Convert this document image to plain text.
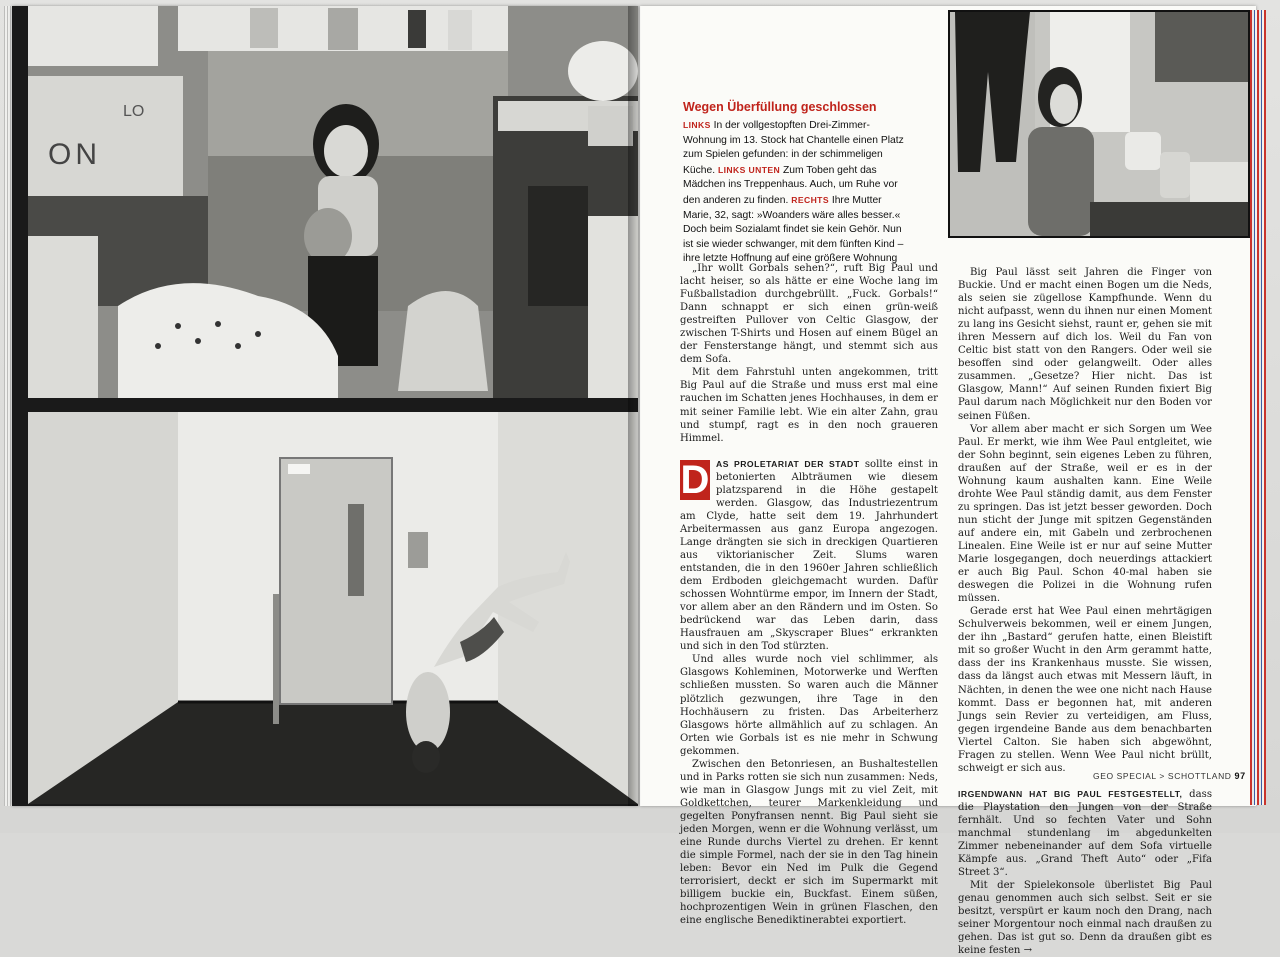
LO
ON
Wegen Überfüllung geschlossen
LINKS In der vollgestopften Drei-Zimmer-Wohnung im 13. Stock hat Chantelle einen Platz zum Spielen gefunden: in der schimmeligen Küche. LINKS UNTEN Zum Toben geht das Mädchen ins Treppenhaus. Auch, um Ruhe vor den anderen zu finden. RECHTS Ihre Mutter Marie, 32, sagt: »Woanders wäre alles besser.« Doch beim Sozialamt findet sie kein Gehör. Nun ist sie wieder schwanger, mit dem fünften Kind – ihre letzte Hoffnung auf eine größere Wohnung

„Ihr wollt Gorbals sehen?“, ruft Big Paul und lacht heiser, so als hätte er eine Woche lang im Fußballstadion durchgebrüllt. „Fuck. Gorbals!“ Dann schnappt er sich einen grün-weiß gestreiften Pullover von Celtic Glasgow, der zwischen T-Shirts und Hosen auf einem Bügel an der Fensterstange hängt, und stemmt sich aus dem Sofa.

Mit dem Fahrstuhl unten angekommen, tritt Big Paul auf die Straße und muss erst mal eine rauchen im Schatten jenes Hochhauses, in dem er mit seiner Familie lebt. Wie ein alter Zahn, grau und stumpf, ragt es in den noch graueren Himmel.

D AS PROLETARIAT DER STADT sollte einst in betonierten Albträumen wie diesem platzsparend in die Höhe gestapelt werden. Glasgow, das Industriezentrum am Clyde, hatte seit dem 19. Jahrhundert Arbeitermassen aus ganz Europa angezogen. Lange drängten sie sich in dreckigen Quartieren aus viktorianischer Zeit. Slums waren entstanden, die in den 1960er Jahren schließlich dem Erdboden gleichgemacht wurden. Dafür schossen Wohntürme empor, im Innern der Stadt, vor allem aber an den Rändern und im Osten. So bedrückend war das Leben darin, dass Hausfrauen am „Skyscraper Blues“ erkrankten und sich in den Tod stürzten.

Und alles wurde noch viel schlimmer, als Glasgows Kohleminen, Motorwerke und Werften schließen mussten. So waren auch die Männer plötzlich gezwungen, ihre Tage in den Hochhäusern zu fristen. Das Arbeiterherz Glasgows hörte allmählich auf zu schlagen. An Orten wie Gorbals ist es nie mehr in Schwung gekommen.

Zwischen den Betonriesen, an Bushaltestellen und in Parks rotten sie sich nun zusammen: Neds, wie man in Glasgow Jungs mit zu viel Zeit, mit Goldkettchen, teurer Markenkleidung und gegelten Ponyfransen nennt. Big Paul sieht sie jeden Morgen, wenn er die Wohnung verlässt, um eine Runde durchs Viertel zu drehen. Er kennt die simple Formel, nach der sie in den Tag hinein leben: Bevor ein Ned im Pulk die Gegend terrorisiert, deckt er sich im Supermarkt mit billigem buckie ein, Buckfast. Einem süßen, hochprozentigen Wein in grünen Flaschen, den eine englische Benediktinerabtei exportiert.

Big Paul lässt seit Jahren die Finger von Buckie. Und er macht einen Bogen um die Neds, als seien sie zügellose Kampfhunde. Wenn du nicht aufpasst, wenn du ihnen nur einen Moment zu lang ins Gesicht siehst, raunt er, gehen sie mit ihren Messern auf dich los. Weil du Fan von Celtic bist statt von den Rangers. Oder weil sie besoffen sind oder gelangweilt. Oder alles zusammen. „Gesetze? Hier nicht. Das ist Glasgow, Mann!“ Auf seinen Runden fixiert Big Paul darum nach Möglichkeit nur den Boden vor seinen Füßen.

Vor allem aber macht er sich Sorgen um Wee Paul. Er merkt, wie ihm Wee Paul entgleitet, wie der Sohn beginnt, sein eigenes Leben zu führen, draußen auf der Straße, weil er es in der Wohnung kaum aushalten kann. Eine Weile drohte Wee Paul ständig damit, aus dem Fenster zu springen. Das ist jetzt besser geworden. Doch nun sticht der Junge mit spitzen Gegenständen auf andere ein, mit Gabeln und zerbrochenen Linealen. Eine Weile ist er nur auf seine Mutter Marie losgegangen, doch neuerdings attackiert er auch Big Paul. Schon 40-mal haben sie deswegen die Polizei in die Wohnung rufen müssen.

Gerade erst hat Wee Paul einen mehrtägigen Schulverweis bekommen, weil er einem Jungen, der ihn „Bastard“ gerufen hatte, einen Bleistift mit so großer Wucht in den Arm gerammt hatte, dass der ins Krankenhaus musste. Sie wissen, dass da längst auch etwas mit Messern läuft, in Nächten, in denen the wee one nicht nach Hause kommt. Dass er begonnen hat, mit anderen Jungs sein Revier zu verteidigen, am Fluss, gegen irgendeine Bande aus dem benachbarten Viertel Calton. Sie haben sich abgewöhnt, Fragen zu stellen. Wenn Wee Paul nicht brüllt, schweigt er sich aus.

IRGENDWANN HAT BIG PAUL FESTGESTELLT, dass die Playstation den Jungen von der Straße fernhält. Und so fechten Vater und Sohn manchmal stundenlang im abgedunkelten Zimmer nebeneinander auf dem Sofa virtuelle Kämpfe aus. „Grand Theft Auto“ oder „Fifa Street 3“.

Mit der Spielekonsole überlistet Big Paul genau genommen auch sich selbst. Seit er sie besitzt, verspürt er kaum noch den Drang, nach seiner Morgentour noch einmal nach draußen zu gehen. Das ist gut so. Denn da draußen gibt es keine festen →

GEO SPECIAL > SCHOTTLAND 97
